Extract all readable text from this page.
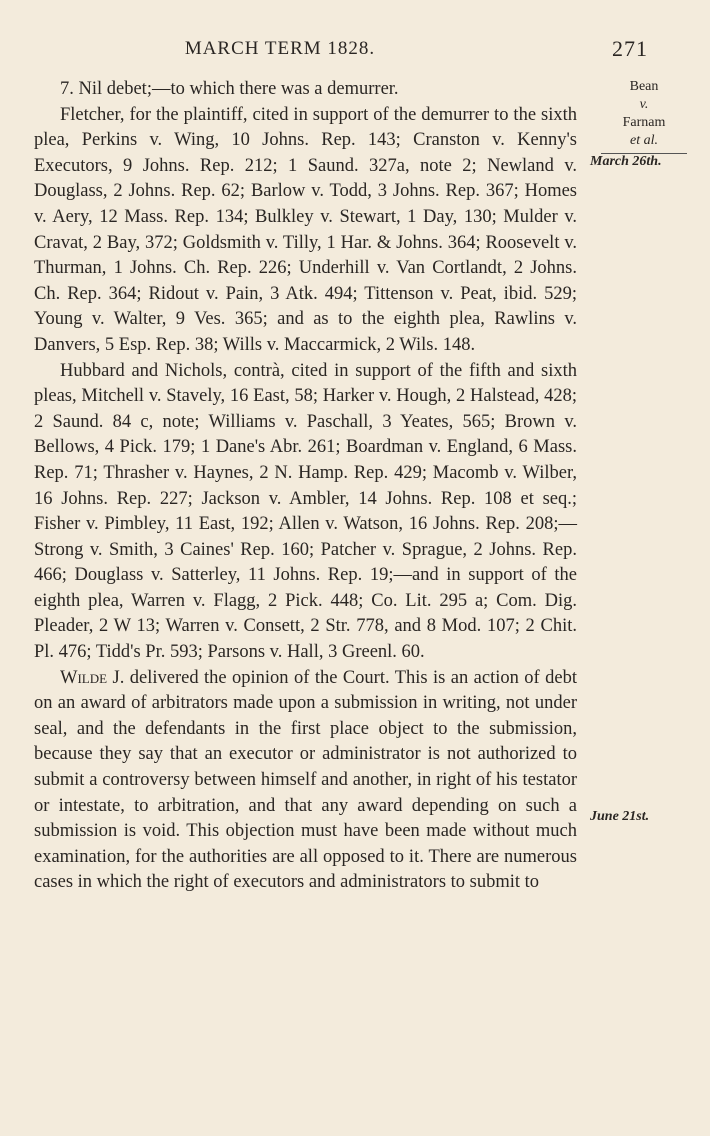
MARCH TERM 1828.	271
Bean
v.
Farnam
et al.
March 26th.
June 21st.

7. Nil debet;—to which there was a demurrer.

Fletcher, for the plaintiff, cited in support of the demurrer to the sixth plea, Perkins v. Wing, 10 Johns. Rep. 143; Cranston v. Kenny's Executors, 9 Johns. Rep. 212; 1 Saund. 327a, note 2; Newland v. Douglass, 2 Johns. Rep. 62; Barlow v. Todd, 3 Johns. Rep. 367; Homes v. Aery, 12 Mass. Rep. 134; Bulkley v. Stewart, 1 Day, 130; Mulder v. Cravat, 2 Bay, 372; Goldsmith v. Tilly, 1 Har. & Johns. 364; Roosevelt v. Thurman, 1 Johns. Ch. Rep. 226; Underhill v. Van Cortlandt, 2 Johns. Ch. Rep. 364; Ridout v. Pain, 3 Atk. 494; Tittenson v. Peat, ibid. 529; Young v. Walter, 9 Ves. 365; and as to the eighth plea, Rawlins v. Danvers, 5 Esp. Rep. 38; Wills v. Maccarmick, 2 Wils. 148.

Hubbard and Nichols, contrà, cited in support of the fifth and sixth pleas, Mitchell v. Stavely, 16 East, 58; Harker v. Hough, 2 Halstead, 428; 2 Saund. 84 c, note; Williams v. Paschall, 3 Yeates, 565; Brown v. Bellows, 4 Pick. 179; 1 Dane's Abr. 261; Boardman v. England, 6 Mass. Rep. 71; Thrasher v. Haynes, 2 N. Hamp. Rep. 429; Macomb v. Wilber, 16 Johns. Rep. 227; Jackson v. Ambler, 14 Johns. Rep. 108 et seq.; Fisher v. Pimbley, 11 East, 192; Allen v. Watson, 16 Johns. Rep. 208;—Strong v. Smith, 3 Caines' Rep. 160; Patcher v. Sprague, 2 Johns. Rep. 466; Douglass v. Satterley, 11 Johns. Rep. 19;—and in support of the eighth plea, Warren v. Flagg, 2 Pick. 448; Co. Lit. 295 a; Com. Dig. Pleader, 2 W 13; Warren v. Consett, 2 Str. 778, and 8 Mod. 107; 2 Chit. Pl. 476; Tidd's Pr. 593; Parsons v. Hall, 3 Greenl. 60.

Wilde J. delivered the opinion of the Court. This is an action of debt on an award of arbitrators made upon a submission in writing, not under seal, and the defendants in the first place object to the submission, because they say that an executor or administrator is not authorized to submit a controversy between himself and another, in right of his testator or intestate, to arbitration, and that any award depending on such a submission is void. This objection must have been made without much examination, for the authorities are all opposed to it. There are numerous cases in which the right of executors and administrators to submit to
